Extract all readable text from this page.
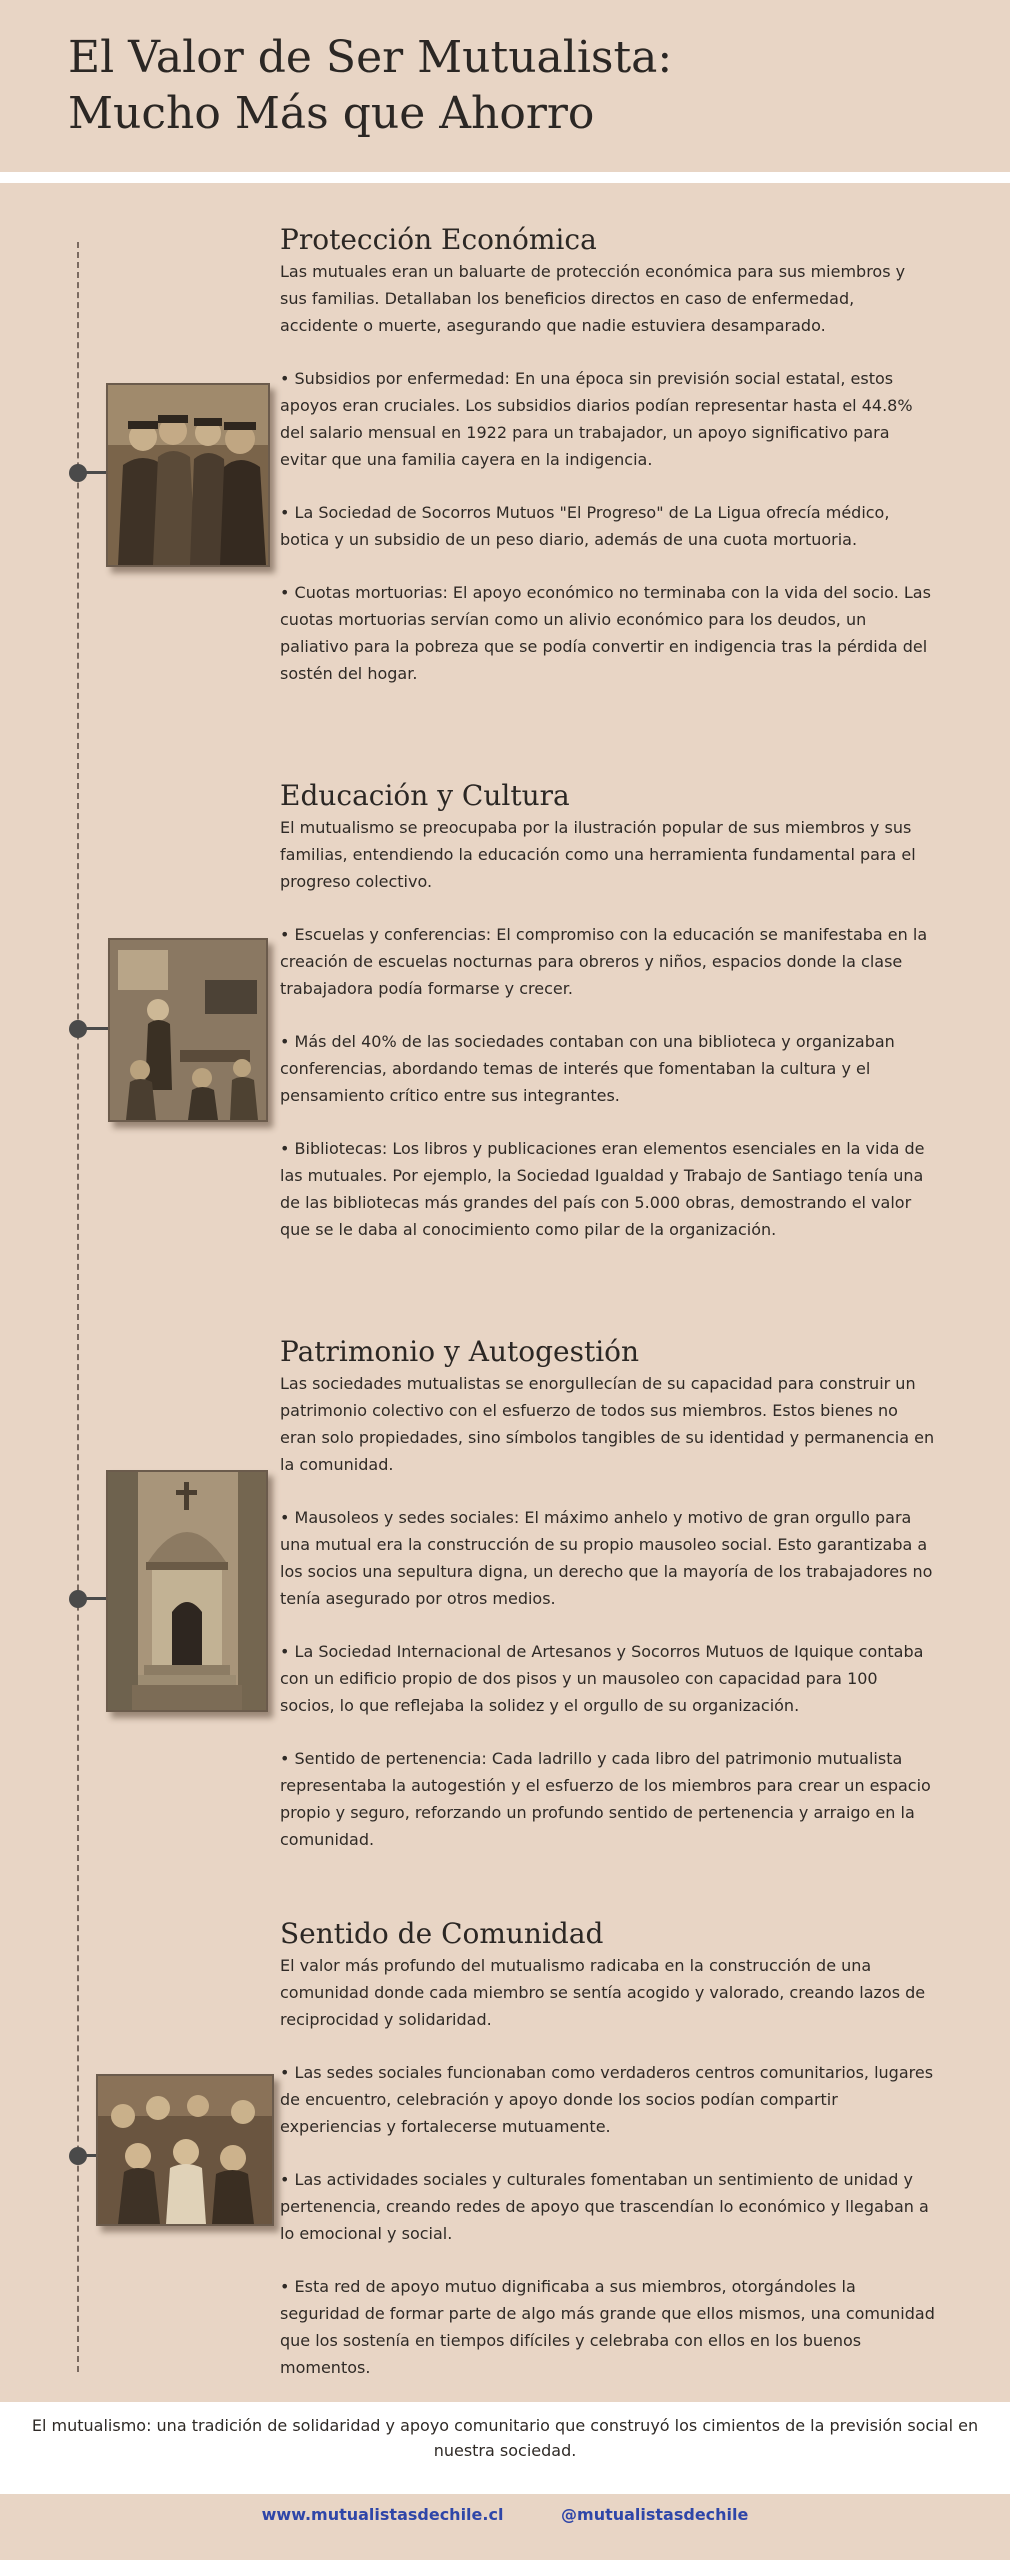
El Valor de Ser Mutualista:
Mucho Más que Ahorro
Protección Económica

Las mutuales eran un baluarte de protección económica para sus miembros y sus familias. Detallaban los beneficios directos en caso de enfermedad, accidente o muerte, asegurando que nadie estuviera desamparado.

• Subsidios por enfermedad: En una época sin previsión social estatal, estos apoyos eran cruciales. Los subsidios diarios podían representar hasta el 44.8% del salario mensual en 1922 para un trabajador, un apoyo significativo para evitar que una familia cayera en la indigencia.

• La Sociedad de Socorros Mutuos "El Progreso" de La Ligua ofrecía médico, botica y un subsidio de un peso diario, además de una cuota mortuoria.

• Cuotas mortuorias: El apoyo económico no terminaba con la vida del socio. Las cuotas mortuorias servían como un alivio económico para los deudos, un paliativo para la pobreza que se podía convertir en indigencia tras la pérdida del sostén del hogar.

Educación y Cultura

El mutualismo se preocupaba por la ilustración popular de sus miembros y sus familias, entendiendo la educación como una herramienta fundamental para el progreso colectivo.

• Escuelas y conferencias: El compromiso con la educación se manifestaba en la creación de escuelas nocturnas para obreros y niños, espacios donde la clase trabajadora podía formarse y crecer.

• Más del 40% de las sociedades contaban con una biblioteca y organizaban conferencias, abordando temas de interés que fomentaban la cultura y el pensamiento crítico entre sus integrantes.

• Bibliotecas: Los libros y publicaciones eran elementos esenciales en la vida de las mutuales. Por ejemplo, la Sociedad Igualdad y Trabajo de Santiago tenía una de las bibliotecas más grandes del país con 5.000 obras, demostrando el valor que se le daba al conocimiento como pilar de la organización.

Patrimonio y Autogestión

Las sociedades mutualistas se enorgullecían de su capacidad para construir un patrimonio colectivo con el esfuerzo de todos sus miembros. Estos bienes no eran solo propiedades, sino símbolos tangibles de su identidad y permanencia en la comunidad.

• Mausoleos y sedes sociales: El máximo anhelo y motivo de gran orgullo para una mutual era la construcción de su propio mausoleo social. Esto garantizaba a los socios una sepultura digna, un derecho que la mayoría de los trabajadores no tenía asegurado por otros medios.

• La Sociedad Internacional de Artesanos y Socorros Mutuos de Iquique contaba con un edificio propio de dos pisos y un mausoleo con capacidad para 100 socios, lo que reflejaba la solidez y el orgullo de su organización.

• Sentido de pertenencia: Cada ladrillo y cada libro del patrimonio mutualista representaba la autogestión y el esfuerzo de los miembros para crear un espacio propio y seguro, reforzando un profundo sentido de pertenencia y arraigo en la comunidad.

Sentido de Comunidad

El valor más profundo del mutualismo radicaba en la construcción de una comunidad donde cada miembro se sentía acogido y valorado, creando lazos de reciprocidad y solidaridad.

• Las sedes sociales funcionaban como verdaderos centros comunitarios, lugares de encuentro, celebración y apoyo donde los socios podían compartir experiencias y fortalecerse mutuamente.

• Las actividades sociales y culturales fomentaban un sentimiento de unidad y pertenencia, creando redes de apoyo que trascendían lo económico y llegaban a lo emocional y social.

• Esta red de apoyo mutuo dignificaba a sus miembros, otorgándoles la seguridad de formar parte de algo más grande que ellos mismos, una comunidad que los sostenía en tiempos difíciles y celebraba con ellos en los buenos momentos.

El mutualismo: una tradición de solidaridad y apoyo comunitario que construyó los cimientos de la previsión social en nuestra sociedad.
www.mutualistasdechile.cl	@mutualistasdechile
